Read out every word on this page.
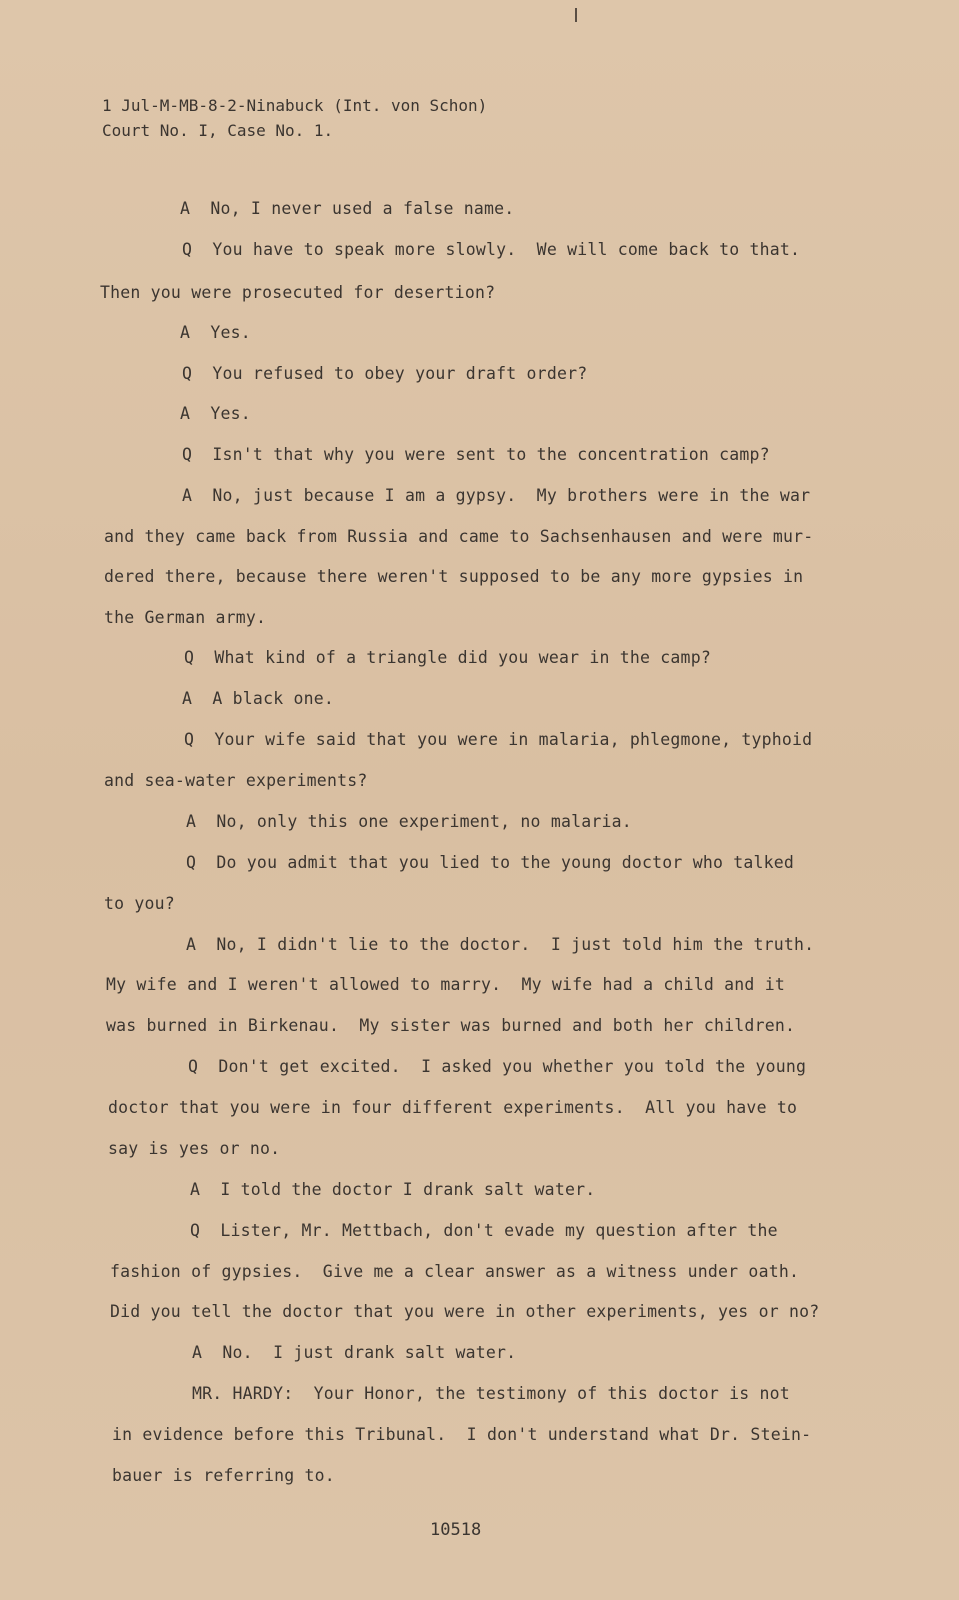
1 Jul-M-MB-8-2-Ninabuck (Int. von Schon)
Court No. I, Case No. 1.
A  No, I never used a false name.
Q  You have to speak more slowly.  We will come back to that.
Then you were prosecuted for desertion?
A  Yes.
Q  You refused to obey your draft order?
A  Yes.
Q  Isn't that why you were sent to the concentration camp?
A  No, just because I am a gypsy.  My brothers were in the war
and they came back from Russia and came to Sachsenhausen and were mur-
dered there, because there weren't supposed to be any more gypsies in
the German army.
Q  What kind of a triangle did you wear in the camp?
A  A black one.
Q  Your wife said that you were in malaria, phlegmone, typhoid
and sea-water experiments?
A  No, only this one experiment, no malaria.
Q  Do you admit that you lied to the young doctor who talked
to you?
A  No, I didn't lie to the doctor.  I just told him the truth.
My wife and I weren't allowed to marry.  My wife had a child and it
was burned in Birkenau.  My sister was burned and both her children.
Q  Don't get excited.  I asked you whether you told the young
doctor that you were in four different experiments.  All you have to
say is yes or no.
A  I told the doctor I drank salt water.
Q  Lister, Mr. Mettbach, don't evade my question after the
fashion of gypsies.  Give me a clear answer as a witness under oath.
Did you tell the doctor that you were in other experiments, yes or no?
A  No.  I just drank salt water.
MR. HARDY:  Your Honor, the testimony of this doctor is not
in evidence before this Tribunal.  I don't understand what Dr. Stein-
bauer is referring to.
10518
